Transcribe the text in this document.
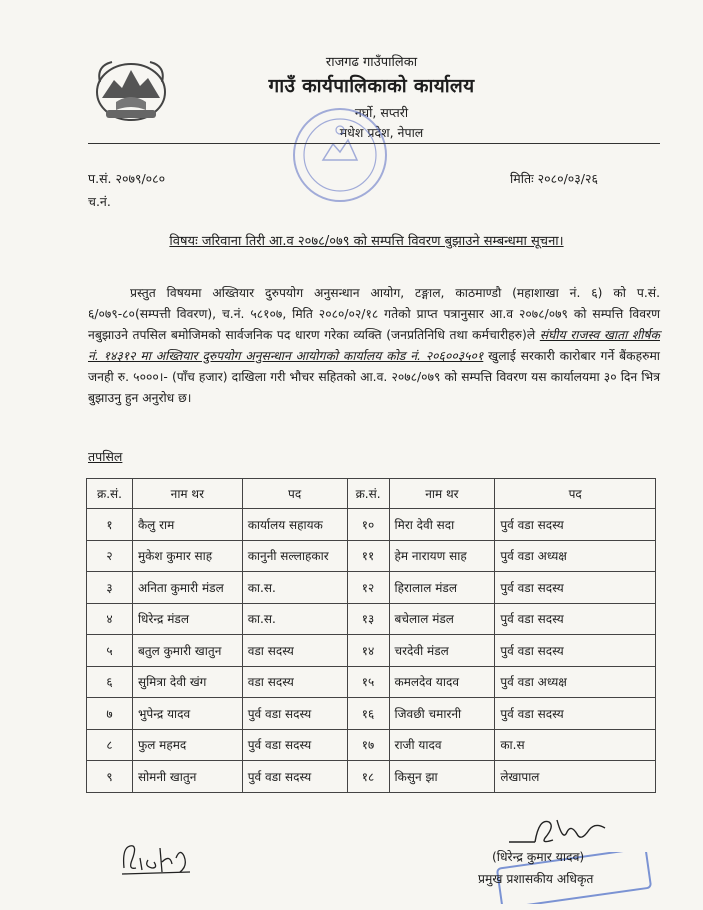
राजगढ गाउँपालिका
गाउँ कार्यपालिकाको कार्यालय
नर्घो, सप्तरी
मधेश प्रदेश, नेपाल
प.सं. २०७९/०८०
च.नं.
मितिः २०८०/०३/२६
विषयः जरिवाना तिरी आ.व २०७८/०७९ को सम्पत्ति विवरण बुझाउने सम्बन्धमा सूचना।
प्रस्तुत विषयमा अख्तियार दुरुपयोग अनुसन्धान आयोग, टङ्गाल, काठमाण्डौ (महाशाखा नं. ६) को प.सं. ६/०७९-८०(सम्पत्ती विवरण), च.नं. ५८१०७, मिति २०८०/०२/१८ गतेको प्राप्त पत्रानुसार आ.व २०७८/०७९ को सम्पत्ति विवरण नबुझाउने तपसिल बमोजिमको सार्वजनिक पद धारण गरेका व्यक्ति (जनप्रतिनिधि तथा कर्मचारीहरु)ले संघीय राजस्व खाता शीर्षक नं. १४३१२ मा अख्तियार दुरुपयोग अनुसन्धान आयोगको कार्यालय कोड नं. २०६००३५०१ खुलाई सरकारी कारोबार गर्ने बैंकहरुमा जनही रु. ५०००।- (पाँच हजार) दाखिला गरी भौचर सहितको आ.व. २०७८/०७९ को सम्पत्ति विवरण यस कार्यालयमा ३० दिन भित्र बुझाउनु हुन अनुरोध छ।
तपसिल
क्र.सं.	नाम थर	पद	क्र.सं.	नाम थर	पद
१	कैलु राम	कार्यालय सहायक	१०	मिरा देवी सदा	पुर्व वडा सदस्य
२	मुकेश कुमार साह	कानुनी सल्लाहकार	११	हेम नारायण साह	पुर्व वडा अध्यक्ष
३	अनिता कुमारी मंडल	का.स.	१२	हिरालाल मंडल	पुर्व वडा सदस्य
४	धिरेन्द्र मंडल	का.स.	१३	बचेलाल मंडल	पुर्व वडा सदस्य
५	बतुल कुमारी खातुन	वडा सदस्य	१४	चरदेवी मंडल	पुर्व वडा सदस्य
६	सुमित्रा देवी खंग	वडा सदस्य	१५	कमलदेव यादव	पुर्व वडा अध्यक्ष
७	भुपेन्द्र यादव	पुर्व वडा सदस्य	१६	जिवछी चमारनी	पुर्व वडा सदस्य
८	फुल महमद	पुर्व वडा सदस्य	१७	राजी यादव	का.स
९	सोमनी खातुन	पुर्व वडा सदस्य	१८	किसुन झा	लेखापाल
(धिरेन्द्र कुमार यादव)
प्रमुख प्रशासकीय अधिकृत
